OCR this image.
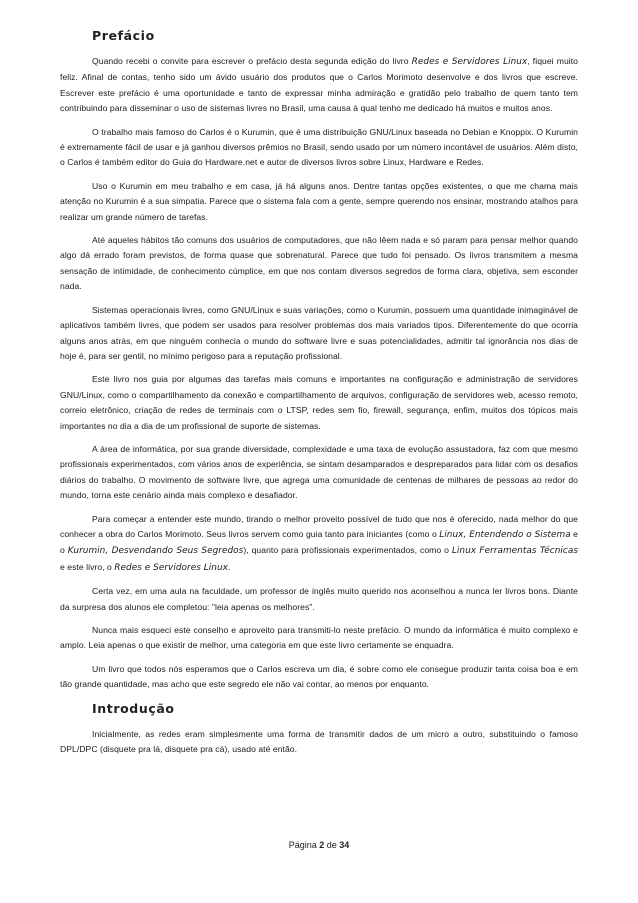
Prefácio

Quando recebi o convite para escrever o prefácio desta segunda edição do livro Redes e Servidores Linux, fiquei muito feliz. Afinal de contas, tenho sido um ávido usuário dos produtos que o Carlos Morimoto desenvolve e dos livros que escreve. Escrever este prefácio é uma oportunidade e tanto de expressar minha admiração e gratidão pelo trabalho de quem tanto tem contribuindo para disseminar o uso de sistemas livres no Brasil, uma causa à qual tenho me dedicado há muitos e muitos anos.

O trabalho mais famoso do Carlos é o Kurumin, que é uma distribuição GNU/Linux baseada no Debian e Knoppix. O Kurumin é extremamente fácil de usar e já ganhou diversos prêmios no Brasil, sendo usado por um número incontável de usuários. Além disto, o Carlos é também editor do Guia do Hardware.net e autor de diversos livros sobre Linux, Hardware e Redes.

Uso o Kurumin em meu trabalho e em casa, já há alguns anos. Dentre tantas opções existentes, o que me chama mais atenção no Kurumin é a sua simpatia. Parece que o sistema fala com a gente, sempre querendo nos ensinar, mostrando atalhos para realizar um grande número de tarefas.

Até aqueles hábitos tão comuns dos usuários de computadores, que não lêem nada e só param para pensar melhor quando algo dá errado foram previstos, de forma quase que sobrenatural. Parece que tudo foi pensado. Os livros transmitem a mesma sensação de intimidade, de conhecimento cúmplice, em que nos contam diversos segredos de forma clara, objetiva, sem esconder nada.

Sistemas operacionais livres, como GNU/Linux e suas variações, como o Kurumin, possuem uma quantidade inimaginável de aplicativos também livres, que podem ser usados para resolver problemas dos mais variados tipos. Diferentemente do que ocorria alguns anos atrás, em que ninguém conhecia o mundo do software livre e suas potencialidades, admitir tal ignorância nos dias de hoje é, para ser gentil, no mínimo perigoso para a reputação profissional.

Este livro nos guia por algumas das tarefas mais comuns e importantes na configuração e administração de servidores GNU/Linux, como o compartilhamento da conexão e compartilhamento de arquivos, configuração de servidores web, acesso remoto, correio eletrônico, criação de redes de terminais com o LTSP, redes sem fio, firewall, segurança, enfim, muitos dos tópicos mais importantes no dia a dia de um profissional de suporte de sistemas.

A área de informática, por sua grande diversidade, complexidade e uma taxa de evolução assustadora, faz com que mesmo profissionais experimentados, com vários anos de experiência, se sintam desamparados e despreparados para lidar com os desafios diários do trabalho. O movimento de software livre, que agrega uma comunidade de centenas de milhares de pessoas ao redor do mundo, torna este cenário ainda mais complexo e desafiador.

Para começar a entender este mundo, tirando o melhor proveito possível de tudo que nos é oferecido, nada melhor do que conhecer a obra do Carlos Morimoto. Seus livros servem como guia tanto para iniciantes (como o Linux, Entendendo o Sistema e o Kurumin, Desvendando Seus Segredos), quanto para profissionais experimentados, como o Linux Ferramentas Técnicas e este livro, o Redes e Servidores Linux.

Certa vez, em uma aula na faculdade, um professor de inglês muito querido nos aconselhou a nunca ler livros bons. Diante da surpresa dos alunos ele completou: "leia apenas os melhores".

Nunca mais esqueci este conselho e aproveito para transmiti-lo neste prefácio. O mundo da informática é muito complexo e amplo. Leia apenas o que existir de melhor, uma categoria em que este livro certamente se enquadra.

Um livro que todos nós esperamos que o Carlos escreva um dia, é sobre como ele consegue produzir tanta coisa boa e em tão grande quantidade, mas acho que este segredo ele não vai contar, ao menos por enquanto.

Introdução

Inicialmente, as redes eram simplesmente uma forma de transmitir dados de um micro a outro, substituindo o famoso DPL/DPC (disquete pra lá, disquete pra cá), usado até então.

Página 2 de 34
